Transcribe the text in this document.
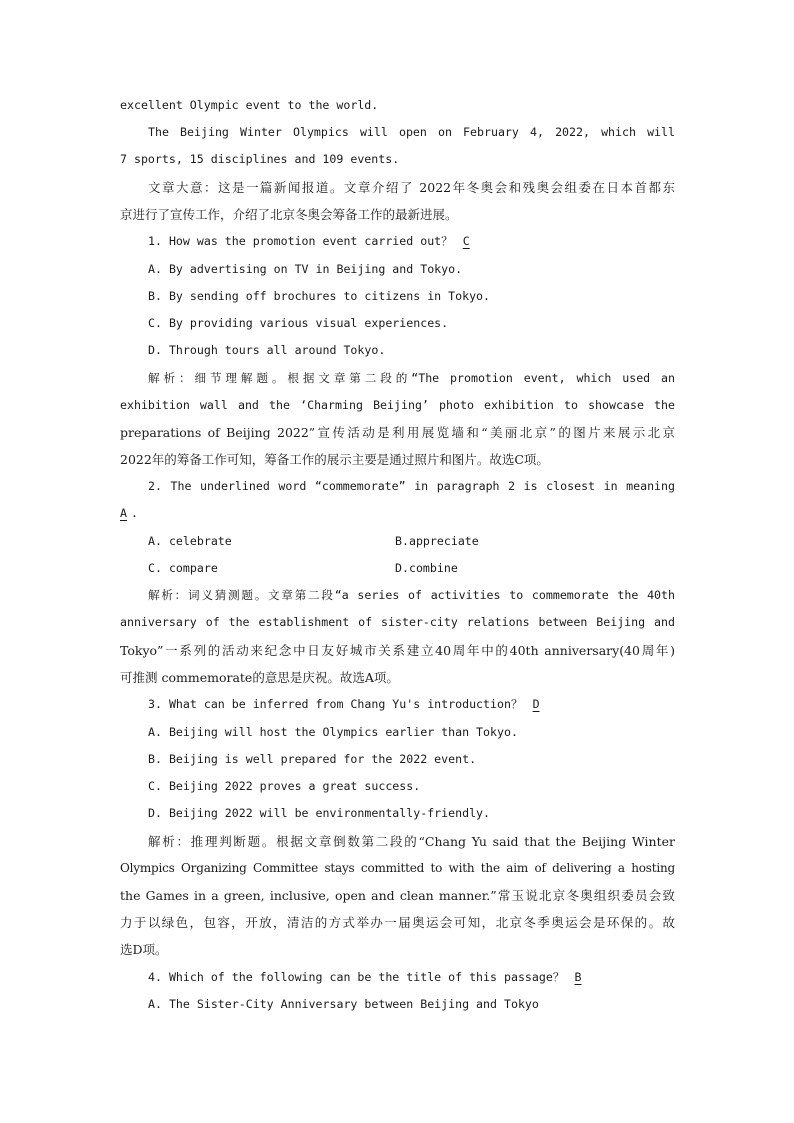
excellent Olympic event to the world.
The Beijing Winter Olympics will open on February 4, 2022, which will
7 sports, 15 disciplines and 109 events.
文章大意：这是一篇新闻报道。文章介绍了 2022年冬奥会和残奥会组委在日本首都东
京进行了宣传工作，介绍了北京冬奥会筹备工作的最新进展。
1. How was the promotion event carried out？ C
A. By advertising on TV in Beijing and Tokyo.
B. By sending off brochures to citizens in Tokyo.
C. By providing various visual experiences.
D. Through tours all around Tokyo.
解析：细节理解题。根据文章第二段的“The promotion event, which used an
exhibition wall and the ‘Charming Beijing’ photo exhibition to showcase the
preparations of Beijing 2022”宣传活动是利用展览墙和“美丽北京”的图片来展示北京
2022年的筹备工作可知，筹备工作的展示主要是通过照片和图片。故选C项。
2. The underlined word “commemorate” in paragraph 2 is closest in meaning
A .
A. celebrate	B.appreciate
C. compare	D.combine
解析：词义猜测题。文章第二段“a series of activities to commemorate the 40th
anniversary of the establishment of sister-city relations between Beijing and
Tokyo”一系列的活动来纪念中日友好城市关系建立40周年中的40th anniversary(40周年)
可推测 commemorate的意思是庆祝。故选A项。
3. What can be inferred from Chang Yu's introduction？ D
A. Beijing will host the Olympics earlier than Tokyo.
B. Beijing is well prepared for the 2022 event.
C. Beijing 2022 proves a great success.
D. Beijing 2022 will be environmentally-friendly.
解析：推理判断题。根据文章倒数第二段的“Chang Yu said that the Beijing Winter
Olympics Organizing Committee stays committed to with the aim of delivering a hosting
the Games in a green, inclusive, open and clean manner.”常玉说北京冬奥组织委员会致
力于以绿色，包容，开放，清洁的方式举办一届奥运会可知，北京冬季奥运会是环保的。故
选D项。
4. Which of the following can be the title of this passage？ B
A. The Sister-City Anniversary between Beijing and Tokyo
